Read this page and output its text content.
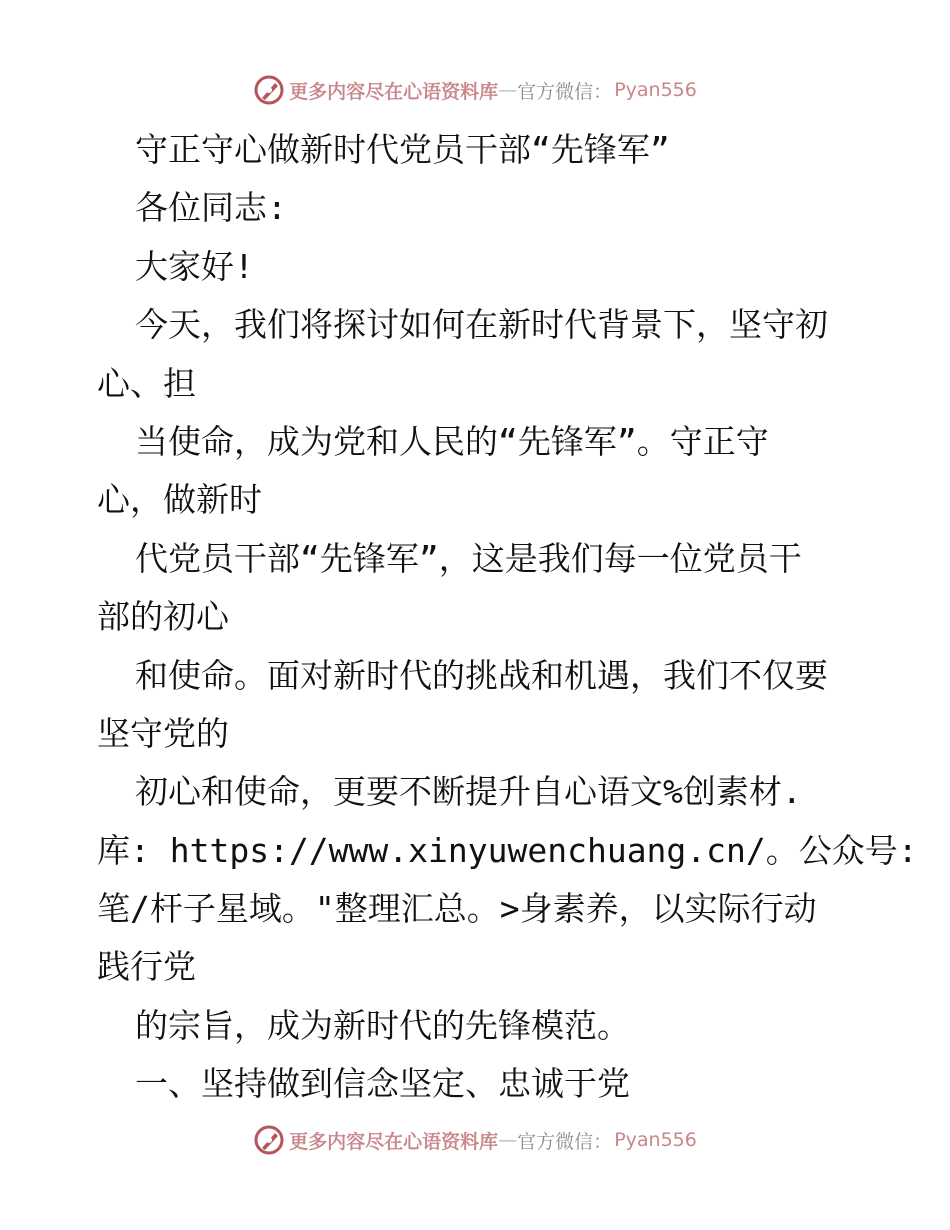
更多内容尽在心语资料库 — 官方微信： Pyan556
守正守心做新时代党员干部“先锋军”
各位同志:
大家好!
今天，我们将探讨如何在新时代背景下，坚守初
心、担
当使命，成为党和人民的“先锋军”。守正守
心，做新时
代党员干部“先锋军”，这是我们每一位党员干
部的初心
和使命。面对新时代的挑战和机遇，我们不仅要
坚守党的
初心和使命，更要不断提升自心语文%创素材.
库: https://www.xinyuwenchuang.cn/。公众号:
笔/杆子星域。"整理汇总。>身素养，以实际行动
践行党
的宗旨，成为新时代的先锋模范。
一、坚持做到信念坚定、忠诚于党
更多内容尽在心语资料库 — 官方微信： Pyan556
